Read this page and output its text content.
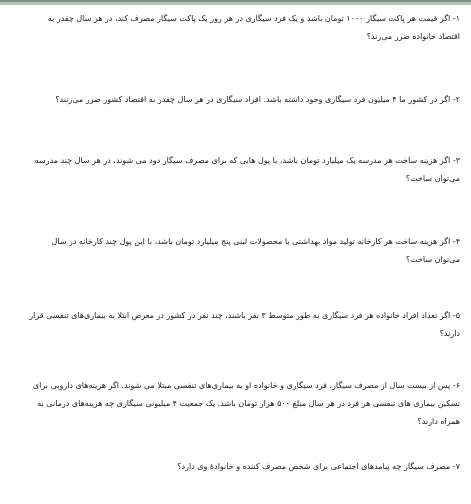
۱- اگر قیمت هر پاکت سیگار ۱۰۰۰ تومان باشد و یک فرد سیگاری در هر روز یک پاکت سیگار مصرف کند، در هر سال چقدر به اقتصاد خانواده ضرر می‌زند؟

۲- اگر در کشور ما ۴ میلیون فرد سیگاری وجود داشته باشد. افراد سیگاری در هر سال چقدر به اقتصاد کشور ضرر می‌زنند؟

۳- اگر هزینه ساخت هر مدرسه یک میلیارد تومان باشد، با پول هایی که برای مصرف سیگار دود می شوند، در هر سال چند مدرسه می‌توان ساخت؟

۴- اگر هزینه ساخت هر کارخانه تولید مواد بهداشتی یا محصولات لبنی پنج میلیارد تومان باشد، با این پول چند کارخانه در سال می‌توان ساخت؟

۵- اگر تعداد افراد خانواده هر فرد سیگاری به طور متوسط ۳ نفر باشند، چند نفر در کشور در معرض ابتلا به بیماری‌های تنفسی قرار دارند؟

۶- پس از بیست سال از مصرف سیگار، فرد سیگاری و خانواده او به بیماری‌های تنفسی مبتلا می شوند. اگر هزینه‌های دارویی برای تسکین بیماری های تنفسی هر فرد در هر سال مبلغ ۵۰۰ هزار تومان باشد. یک جمعیت ۴ میلیونی سیگاری چه هزینه‌های درمانی به همراه دارند؟

۷- مصرف سیگار چه پیامدهای اجتماعی برای شخص مصرف کننده و خانوادۀ وی دارد؟
